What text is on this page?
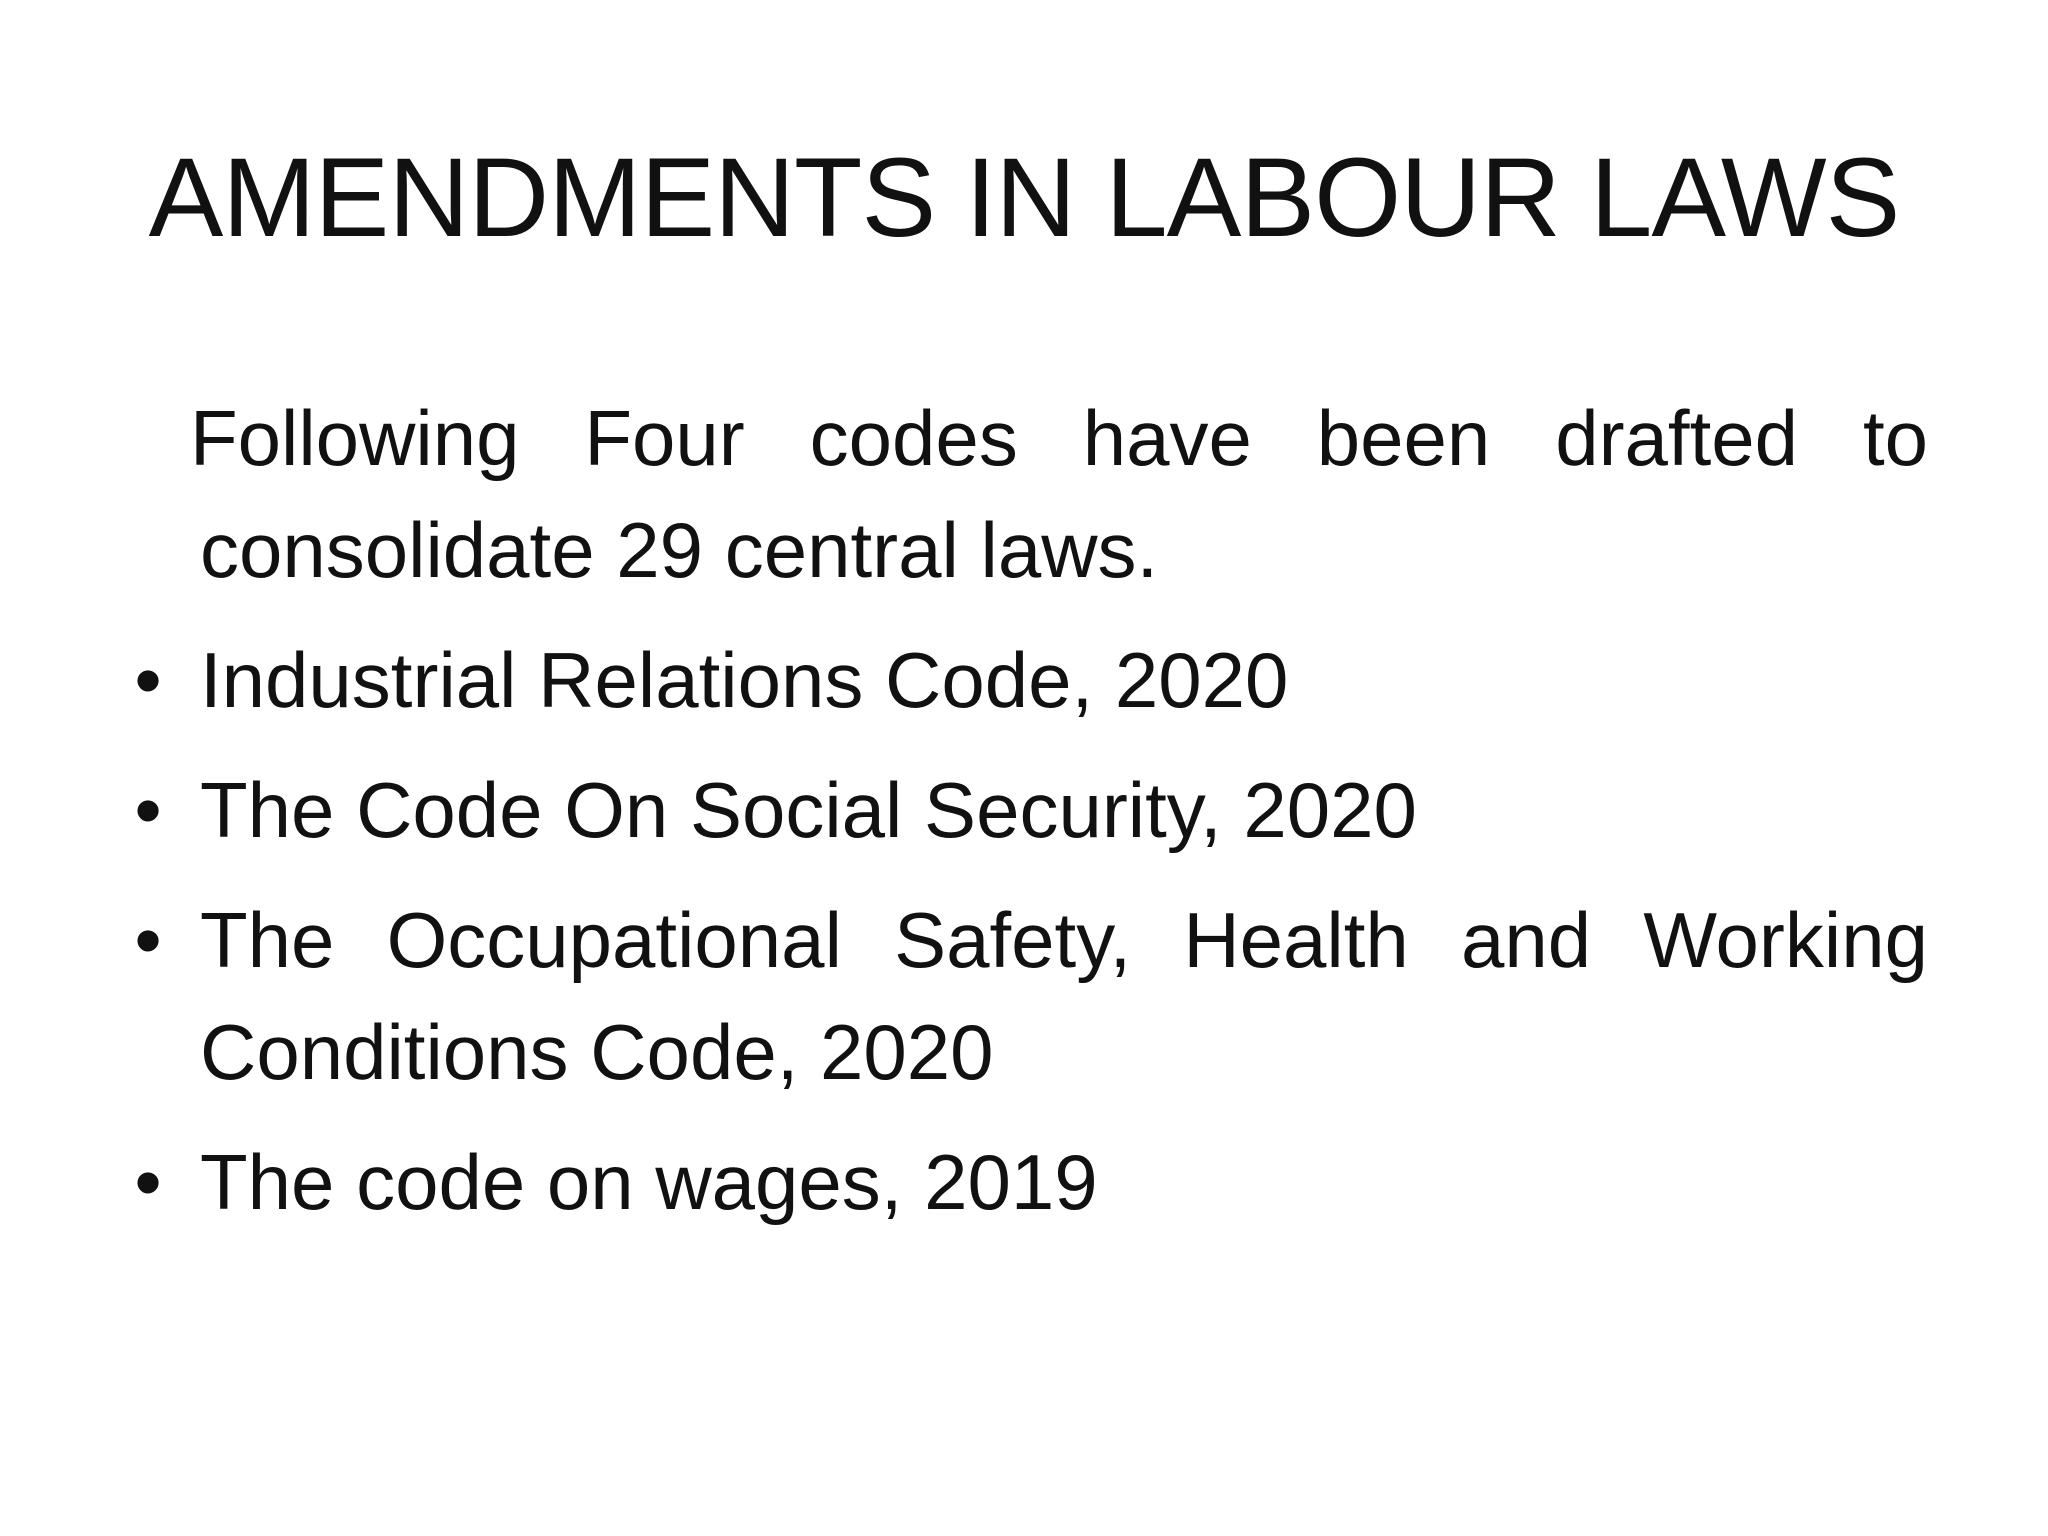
AMENDMENTS IN LABOUR LAWS

Following Four codes have been drafted to consolidate 29 central laws.

• Industrial Relations Code, 2020
• The Code On Social Security, 2020
• The Occupational Safety, Health and Working Conditions Code, 2020
• The code on wages, 2019
